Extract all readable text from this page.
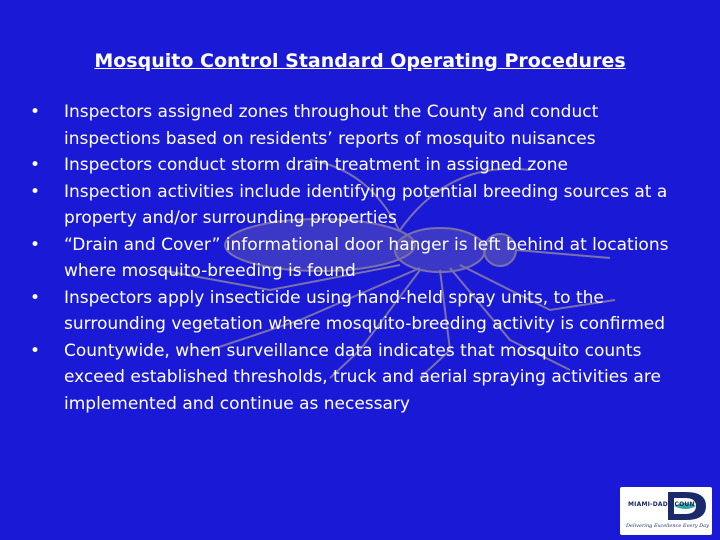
Mosquito Control Standard Operating Procedures
• Inspectors assigned zones throughout the County and conduct inspections based on residents’ reports of mosquito nuisances
• Inspectors conduct storm drain treatment in assigned zone
• Inspection activities include identifying potential breeding sources at a property and/or surrounding properties
• “Drain and Cover” informational door hanger is left behind at locations where mosquito-breeding is found
• Inspectors apply insecticide using hand-held spray units, to the surrounding vegetation where mosquito-breeding activity is confirmed
• Countywide, when surveillance data indicates that mosquito counts exceed established thresholds, truck and aerial spraying activities are implemented and continue as necessary
MIAMI-DADE COUNTY
Delivering Excellence Every Day
